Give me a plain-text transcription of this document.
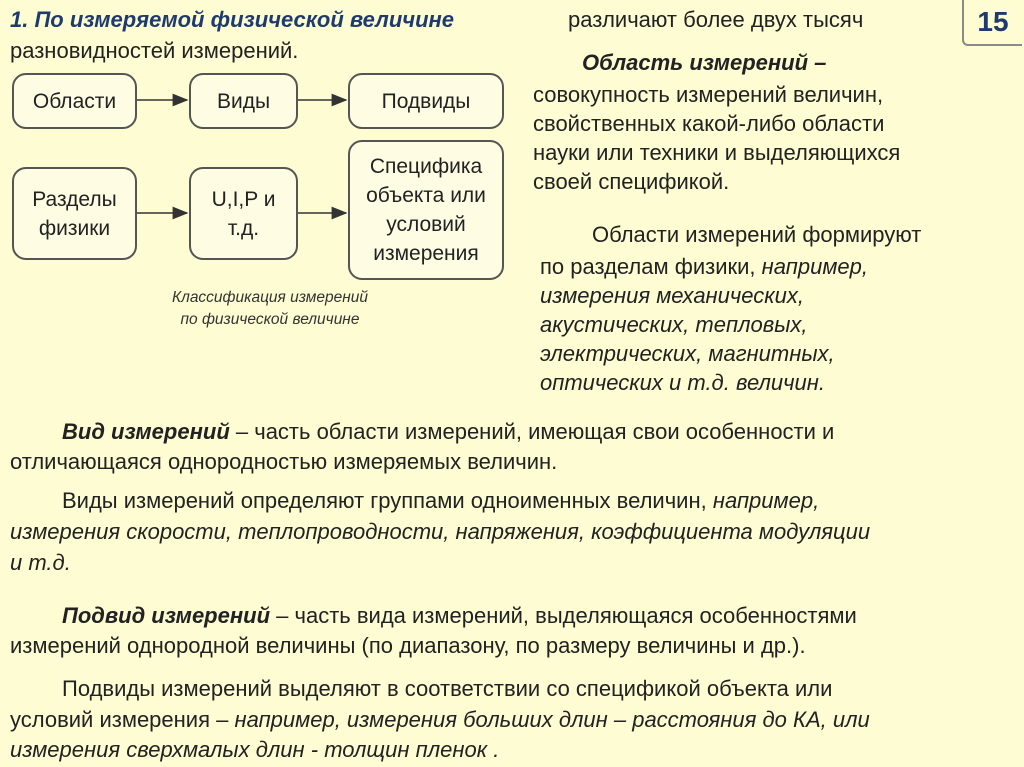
15
1. По измеряемой физической величине	различают более двух тысяч
разновидностей измерений.
Области	Виды	Подвиды
Разделы физики
U,I,P и т.д.
Специфика объекта или условий измерения
Классификация измерений
по физической величине
Область измерений –

совокупность измерений величин,

свойственных какой-либо области

науки или техники и выделяющихся

своей спецификой.

Области измерений формируют

по разделам физики, например,

измерения механических,

акустических, тепловых,

электрических, магнитных,

оптических и т.д. величин.

Вид измерений – часть области измерений, имеющая свои особенности и
отличающаяся однородностью измеряемых величин.
Виды измерений определяют группами одноименных величин, например,
измерения скорости, теплопроводности, напряжения, коэффициента модуляции
и т.д.
Подвид измерений – часть вида измерений, выделяющаяся особенностями
измерений однородной величины (по диапазону, по размеру величины и др.).
Подвиды измерений выделяют в соответствии со спецификой объекта или
условий измерения – например, измерения больших длин – расстояния до КА, или
измерения сверхмалых длин - толщин пленок .
